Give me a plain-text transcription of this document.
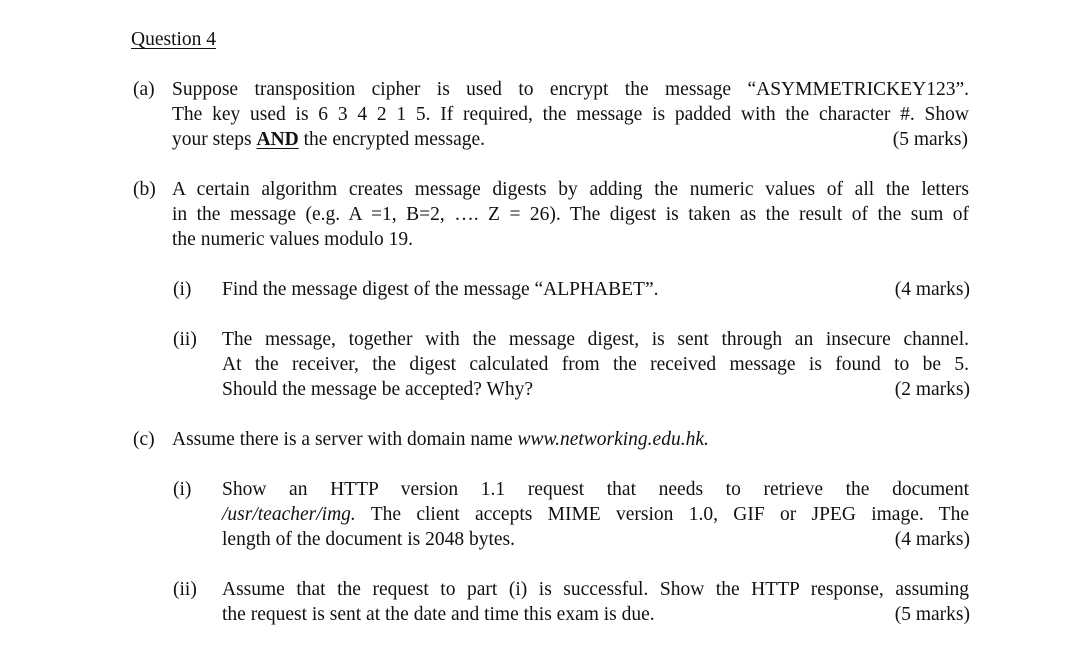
Question 4
(a) Suppose transposition cipher is used to encrypt the message “ASYMMETRICKEY123”.
The key used is 6 3 4 2 1 5. If required, the message is padded with the character #. Show
your steps AND the encrypted message.	(5 marks)
(b) A certain algorithm creates message digests by adding the numeric values of all the letters
in the message (e.g. A =1, B=2, …. Z = 26). The digest is taken as the result of the sum of
the numeric values modulo 19.
(i) Find the message digest of the message “ALPHABET”.	(4 marks)
(ii) The message, together with the message digest, is sent through an insecure channel.
At the receiver, the digest calculated from the received message is found to be 5.
Should the message be accepted? Why?	(2 marks)
(c) Assume there is a server with domain name www.networking.edu.hk.
(i) Show an HTTP version 1.1 request that needs to retrieve the document
/usr/teacher/img. The client accepts MIME version 1.0, GIF or JPEG image. The
length of the document is 2048 bytes.	(4 marks)
(ii) Assume that the request to part (i) is successful. Show the HTTP response, assuming
the request is sent at the date and time this exam is due.	(5 marks)
